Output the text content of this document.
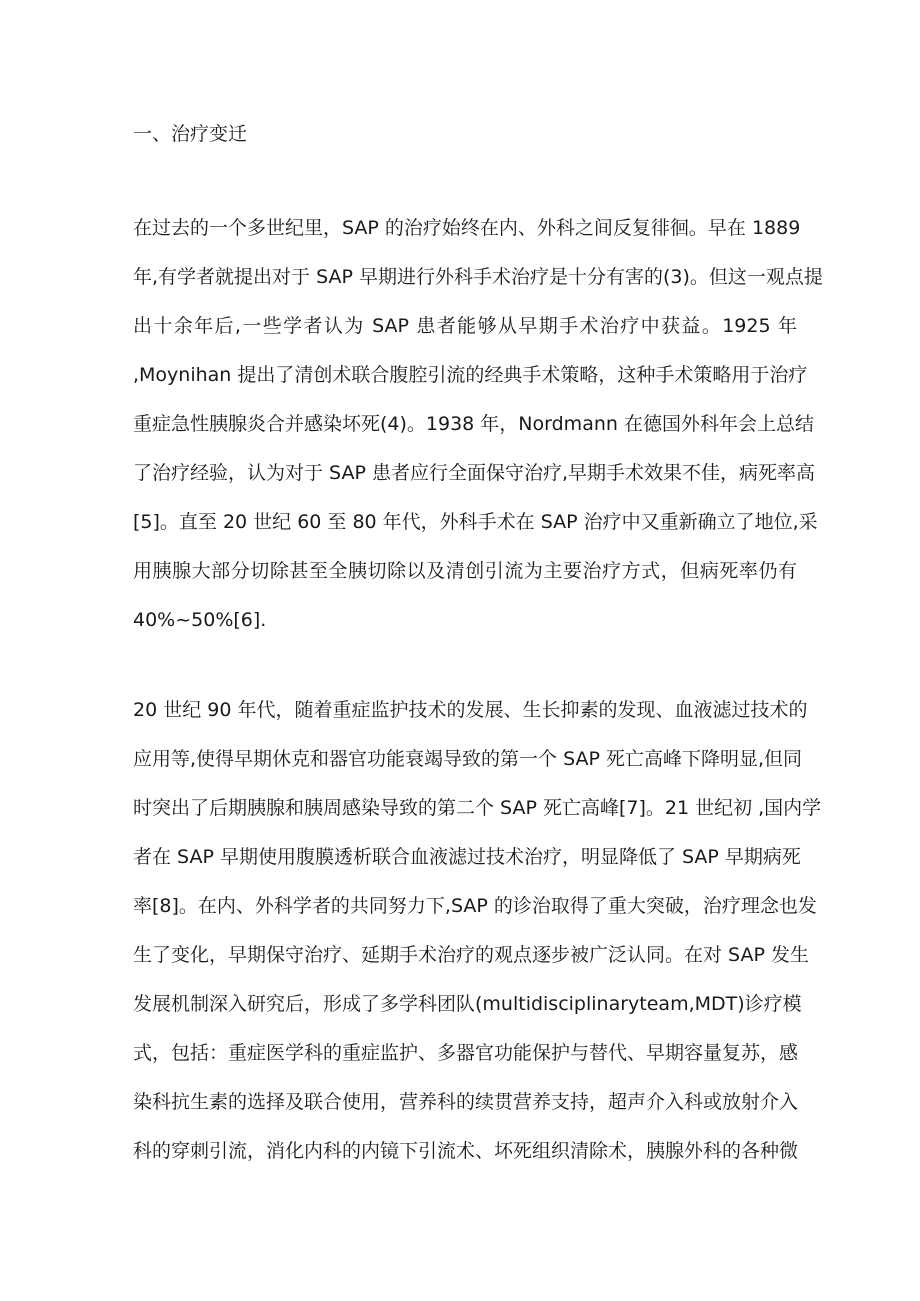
一、治疗变迁
在过去的一个多世纪里，SAP 的治疗始终在内、外科之间反复徘徊。早在 1889
年,有学者就提出对于 SAP 早期进行外科手术治疗是十分有害的(3)。但这一观点提
出十余年后,一些学者认为 SAP 患者能够从早期手术治疗中获益。1925 年
,Moynihan 提出了清创术联合腹腔引流的经典手术策略，这种手术策略用于治疗
重症急性胰腺炎合并感染坏死(4)。1938 年，Nordmann 在德国外科年会上总结
了治疗经验，认为对于 SAP 患者应行全面保守治疗,早期手术效果不佳，病死率高
[5]。直至 20 世纪 60 至 80 年代，外科手术在 SAP 治疗中又重新确立了地位,采
用胰腺大部分切除甚至全胰切除以及清创引流为主要治疗方式，但病死率仍有
40%~50%[6].
20 世纪 90 年代，随着重症监护技术的发展、生长抑素的发现、血液滤过技术的
应用等,使得早期休克和器官功能衰竭导致的第一个 SAP 死亡高峰下降明显,但同
时突出了后期胰腺和胰周感染导致的第二个 SAP 死亡高峰[7]。21 世纪初 ,国内学
者在 SAP 早期使用腹膜透析联合血液滤过技术治疗，明显降低了 SAP 早期病死
率[8]。在内、外科学者的共同努力下,SAP 的诊治取得了重大突破，治疗理念也发
生了变化，早期保守治疗、延期手术治疗的观点逐步被广泛认同。在对 SAP 发生
发展机制深入研究后，形成了多学科团队(multidisciplinaryteam,MDT)诊疗模
式，包括：重症医学科的重症监护、多器官功能保护与替代、早期容量复苏，感
染科抗生素的选择及联合使用，营养科的续贯营养支持，超声介入科或放射介入
科的穿刺引流，消化内科的内镜下引流术、坏死组织清除术，胰腺外科的各种微
